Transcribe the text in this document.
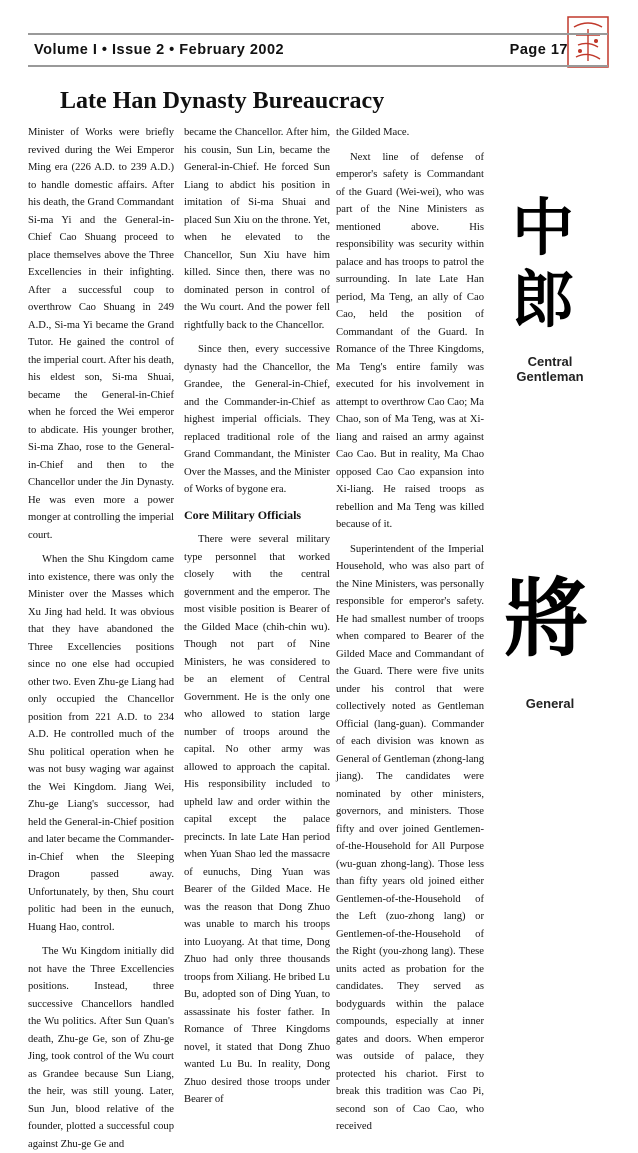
Volume I • Issue 2 • February 2002	Page 17
Late Han Dynasty Bureaucracy

Minister of Works were briefly revived during the Wei Emperor Ming era (226 A.D. to 239 A.D.) to handle domestic affairs. After his death, the Grand Commandant Si-ma Yi and the General-in-Chief Cao Shuang proceed to place themselves above the Three Excellencies in their infighting. After a successful coup to overthrow Cao Shuang in 249 A.D., Si-ma Yi became the Grand Tutor. He gained the control of the imperial court. After his death, his eldest son, Si-ma Shuai, became the General-in-Chief when he forced the Wei emperor to abdicate. His younger brother, Si-ma Zhao, rose to the General-in-Chief and then to the Chancellor under the Jin Dynasty. He was even more a power monger at controlling the imperial court.

When the Shu Kingdom came into existence, there was only the Minister over the Masses which Xu Jing had held. It was obvious that they have abandoned the Three Excellencies positions since no one else had occupied other two. Even Zhu-ge Liang had only occupied the Chancellor position from 221 A.D. to 234 A.D. He controlled much of the Shu political operation when he was not busy waging war against the Wei Kingdom. Jiang Wei, Zhu-ge Liang's successor, had held the General-in-Chief position and later became the Commander-in-Chief when the Sleeping Dragon passed away. Unfortunately, by then, Shu court politic had been in the eunuch, Huang Hao, control.

The Wu Kingdom initially did not have the Three Excellencies positions. Instead, three successive Chancellors handled the Wu politics. After Sun Quan's death, Zhu-ge Ge, son of Zhu-ge Jing, took control of the Wu court as Grandee because Sun Liang, the heir, was still young. Later, Sun Jun, blood relative of the founder, plotted a successful coup against Zhu-ge Ge and

became the Chancellor. After him, his cousin, Sun Lin, became the General-in-Chief. He forced Sun Liang to abdict his position in imitation of Si-ma Shuai and placed Sun Xiu on the throne. Yet, when he elevated to the Chancellor, Sun Xiu have him killed. Since then, there was no dominated person in control of the Wu court. And the power fell rightfully back to the Chancellor.

Since then, every successive dynasty had the Chancellor, the Grandee, the General-in-Chief, and the Commander-in-Chief as highest imperial officials. They replaced traditional role of the Grand Commandant, the Minister Over the Masses, and the Minister of Works of bygone era.

Core Military Officials

There were several military type personnel that worked closely with the central government and the emperor. The most visible position is Bearer of the Gilded Mace (chih-chin wu). Though not part of Nine Ministers, he was considered to be an element of Central Government. He is the only one who allowed to station large number of troops around the capital. No other army was allowed to approach the capital. His responsibility included to upheld law and order within the capital except the palace precincts. In late Late Han period when Yuan Shao led the massacre of eunuchs, Ding Yuan was Bearer of the Gilded Mace. He was the reason that Dong Zhuo was unable to march his troops into Luoyang. At that time, Dong Zhuo had only three thousands troops from Xiliang. He bribed Lu Bu, adopted son of Ding Yuan, to assassinate his foster father. In Romance of Three Kingdoms novel, it stated that Dong Zhuo wanted Lu Bu. In reality, Dong Zhuo desired those troops under Bearer of

the Gilded Mace.

Next line of defense of emperor's safety is Commandant of the Guard (Wei-wei), who was part of the Nine Ministers as mentioned above. His responsibility was security within palace and has troops to patrol the surrounding. In late Late Han period, Ma Teng, an ally of Cao Cao, held the position of Commandant of the Guard. In Romance of the Three Kingdoms, Ma Teng's entire family was executed for his involvement in attempt to overthrow Cao Cao; Ma Chao, son of Ma Teng, was at Xi-liang and raised an army against Cao Cao. But in reality, Ma Chao opposed Cao Cao expansion into Xi-liang. He raised troops as rebellion and Ma Teng was killed because of it.

Superintendent of the Imperial Household, who was also part of the Nine Ministers, was personally responsible for emperor's safety. He had smallest number of troops when compared to Bearer of the Gilded Mace and Commandant of the Guard. There were five units under his control that were collectively noted as Gentleman Official (lang-guan). Commander of each division was known as General of Gentleman (zhong-lang jiang). The candidates were nominated by other ministers, governors, and ministers. Those fifty and over joined Gentlemen-of-the-Household for All Purpose (wu-guan zhong-lang). Those less than fifty years old joined either Gentlemen-of-the-Household of the Left (zuo-zhong lang) or Gentlemen-of-the-Household of the Right (you-zhong lang). These units acted as probation for the candidates. They served as bodyguards within the palace compounds, especially at inner gates and doors. When emperor was outside of palace, they protected his chariot. First to break this tradition was Cao Pi, second son of Cao Cao, who received

中
郎
Central
Gentleman
將
General
